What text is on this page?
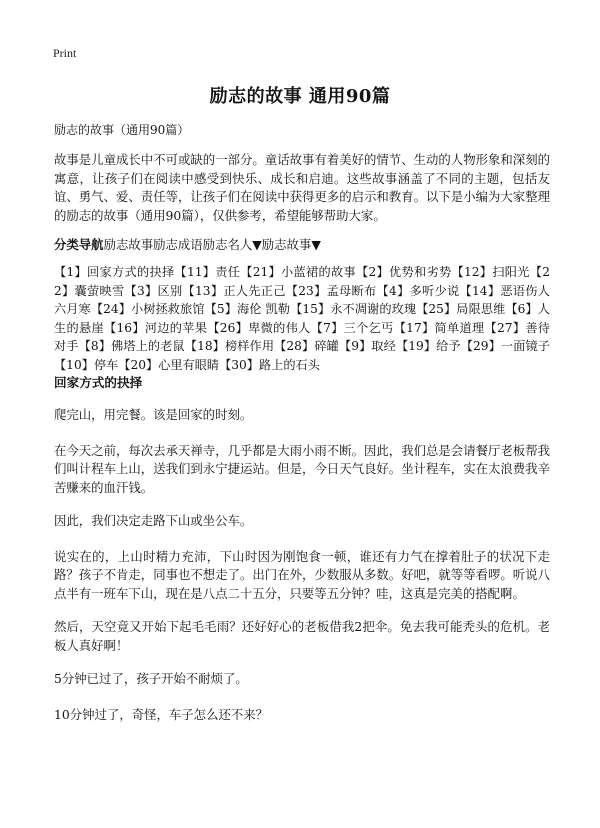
Print
励志的故事 通用90篇

励志的故事（通用90篇）

故事是儿童成长中不可或缺的一部分。童话故事有着美好的情节、生动的人物形象和深刻的寓意，让孩子们在阅读中感受到快乐、成长和启迪。这些故事涵盖了不同的主题，包括友谊、勇气、爱、责任等，让孩子们在阅读中获得更多的启示和教育。以下是小编为大家整理的励志的故事（通用90篇），仅供参考，希望能够帮助大家。

分类导航励志故事励志成语励志名人▼励志故事▼

【1】回家方式的抉择【11】责任【21】小蓝裙的故事【2】优势和劣势【12】扫阳光【22】囊萤映雪【3】区别【13】正人先正己【23】孟母断布【4】多听少说【14】恶语伤人六月寒【24】小树拯救旅馆【5】海伦 凯勒【15】永不凋谢的玫瑰【25】局限思维【6】人生的悬崖【16】河边的苹果【26】卑微的伟人【7】三个乞丐【17】简单道理【27】善待对手【8】佛塔上的老鼠【18】榜样作用【28】碎罐【9】取经【19】给予【29】一面镜子【10】停车【20】心里有眼睛【30】路上的石头

回家方式的抉择

爬完山，用完餐。该是回家的时刻。

在今天之前，每次去承天禅寺，几乎都是大雨小雨不断。因此，我们总是会请餐厅老板帮我们叫计程车上山，送我们到永宁捷运站。但是，今日天气良好。坐计程车，实在太浪费我辛苦赚来的血汗钱。

因此，我们决定走路下山或坐公车。

说实在的，上山时精力充沛，下山时因为刚饱食一顿，谁还有力气在撑着肚子的状况下走路？孩子不肯走，同事也不想走了。出门在外，少数服从多数。好吧，就等等看啰。听说八点半有一班车下山，现在是八点二十五分，只要等五分钟？哇，这真是完美的搭配啊。

然后，天空竟又开始下起毛毛雨？还好好心的老板借我2把伞。免去我可能秃头的危机。老板人真好啊！

5分钟已过了，孩子开始不耐烦了。

10分钟过了，奇怪，车子怎么还不来？
